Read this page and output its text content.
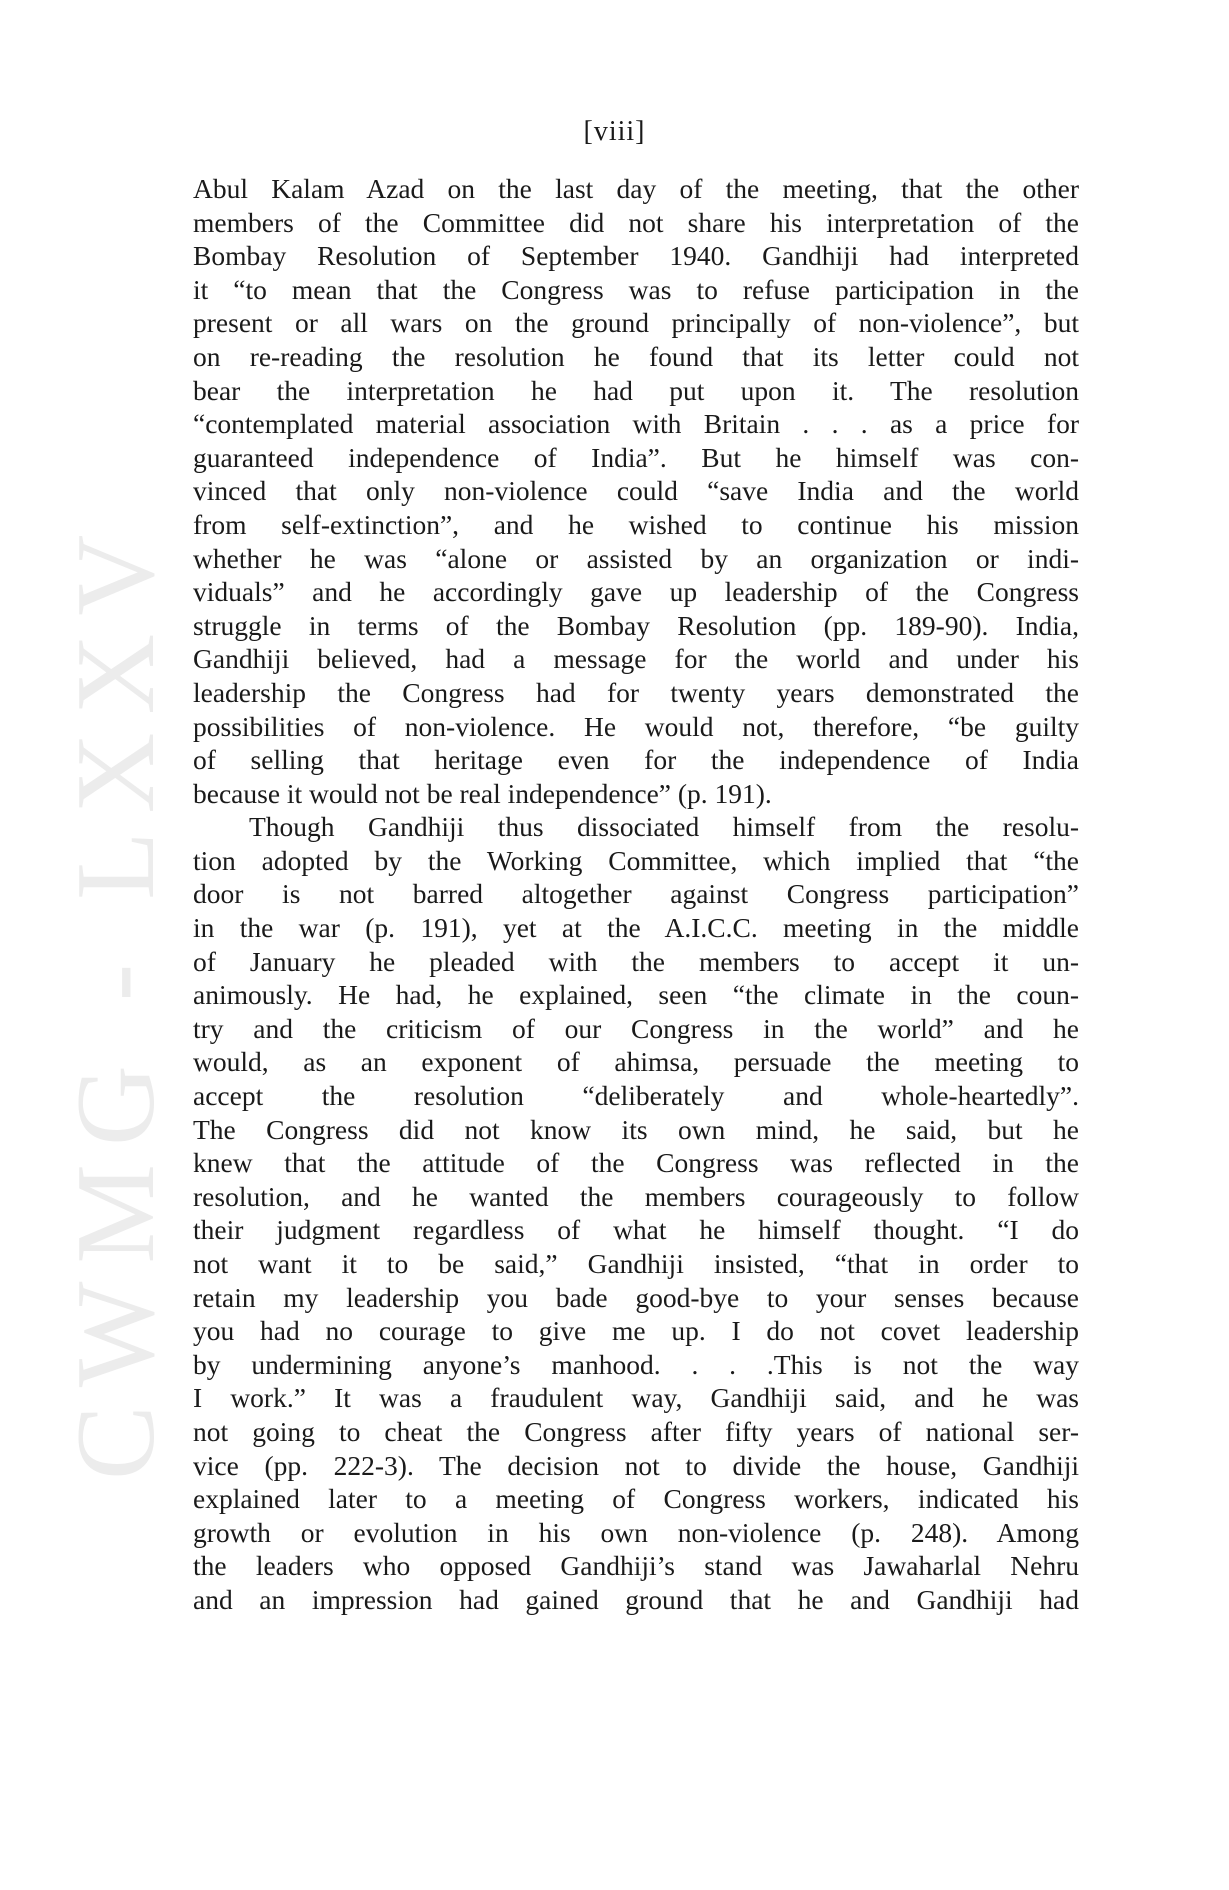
CWMG - LXXV
[viii]
Abul Kalam Azad on the last day of the meeting, that the other
members of the Committee did not share his interpretation of the
Bombay Resolution of September 1940. Gandhiji had interpreted
it “to mean that the Congress was to refuse participation in the
present or all wars on the ground principally of non-violence”, but
on re-reading the resolution he found that its letter could not
bear the interpretation he had put upon it. The resolution
“contemplated material association with Britain . . . as a price for
guaranteed independence of India”. But he himself was con-
vinced that only non-violence could “save India and the world
from self-extinction”, and he wished to continue his mission
whether he was “alone or assisted by an organization or indi-
viduals” and he accordingly gave up leadership of the Congress
struggle in terms of the Bombay Resolution (pp. 189-90). India,
Gandhiji believed, had a message for the world and under his
leadership the Congress had for twenty years demonstrated the
possibilities of non-violence. He would not, therefore, “be guilty
of selling that heritage even for the independence of India
because it would not be real independence” (p. 191).
Though Gandhiji thus dissociated himself from the resolu-
tion adopted by the Working Committee, which implied that “the
door is not barred altogether against Congress participation”
in the war (p. 191), yet at the A.I.C.C. meeting in the middle
of January he pleaded with the members to accept it un-
animously. He had, he explained, seen “the climate in the coun-
try and the criticism of our Congress in the world” and he
would, as an exponent of ahimsa, persuade the meeting to
accept the resolution “deliberately and whole-heartedly”.
The Congress did not know its own mind, he said, but he
knew that the attitude of the Congress was reflected in the
resolution, and he wanted the members courageously to follow
their judgment regardless of what he himself thought. “I do
not want it to be said,” Gandhiji insisted, “that in order to
retain my leadership you bade good-bye to your senses because
you had no courage to give me up. I do not covet leadership
by undermining anyone’s manhood. . . .This is not the way
I work.” It was a fraudulent way, Gandhiji said, and he was
not going to cheat the Congress after fifty years of national ser-
vice (pp. 222-3). The decision not to divide the house, Gandhiji
explained later to a meeting of Congress workers, indicated his
growth or evolution in his own non-violence (p. 248). Among
the leaders who opposed Gandhiji’s stand was Jawaharlal Nehru
and an impression had gained ground that he and Gandhiji had
